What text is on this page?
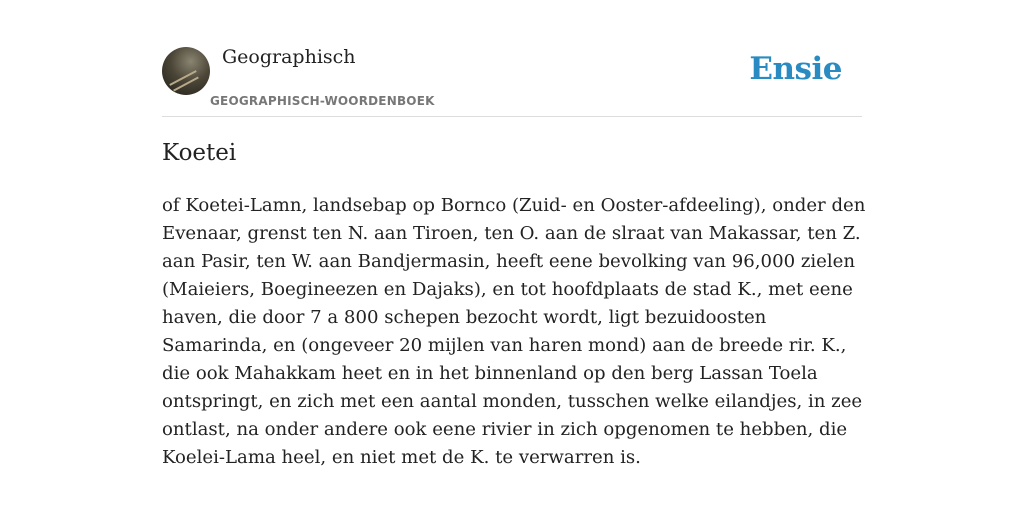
Geographisch
GEOGRAPHISCH-WOORDENBOEK
Ensie
Koetei

of Koetei-Lamn, landsebap op Bornco (Zuid- en Ooster-afdeeling), onder den Evenaar, grenst ten N. aan Tiroen, ten O. aan de slraat van Makassar, ten Z. aan Pasir, ten W. aan Bandjermasin, heeft eene bevolking van 96,000 zielen (Maieiers, Boegineezen en Dajaks), en tot hoofdplaats de stad K., met eene haven, die door 7 a 800 schepen bezocht wordt, ligt bezuidoosten Samarinda, en (ongeveer 20 mijlen van haren mond) aan de breede rir. K., die ook Mahakkam heet en in het binnenland op den berg Lassan Toela ontspringt, en zich met een aantal monden, tusschen welke eilandjes, in zee ontlast, na onder andere ook eene rivier in zich opgenomen te hebben, die Koelei-Lama heel, en niet met de K. te verwarren is.
